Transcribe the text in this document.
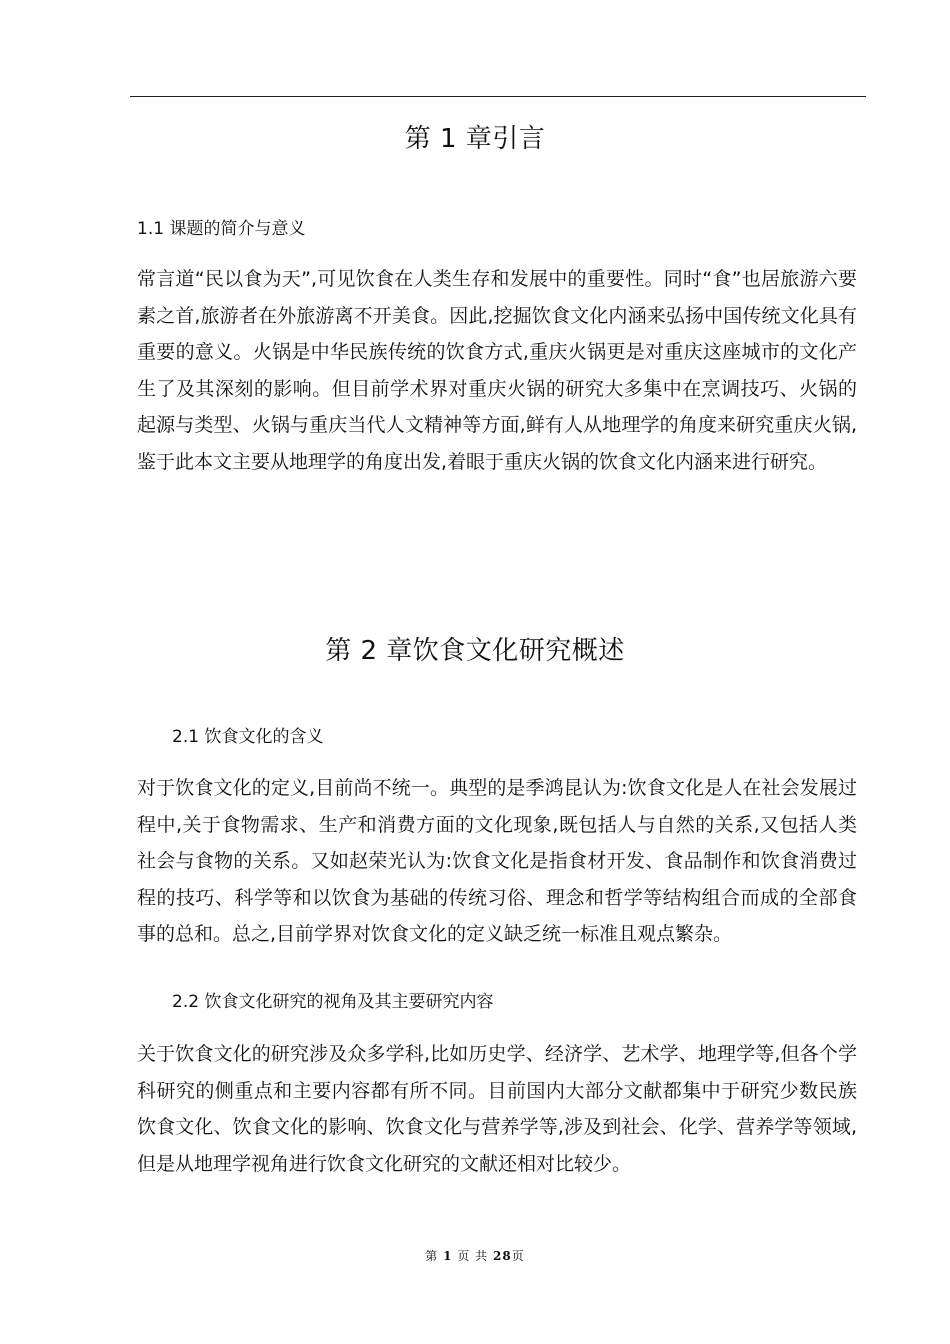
第 1 章引言
1.1 课题的简介与意义

常言道“民以食为天”,可见饮食在人类生存和发展中的重要性。同时“食”也居旅游六要素之首,旅游者在外旅游离不开美食。因此,挖掘饮食文化内涵来弘扬中国传统文化具有重要的意义。火锅是中华民族传统的饮食方式,重庆火锅更是对重庆这座城市的文化产生了及其深刻的影响。但目前学术界对重庆火锅的研究大多集中在烹调技巧、火锅的起源与类型、火锅与重庆当代人文精神等方面,鲜有人从地理学的角度来研究重庆火锅,鉴于此本文主要从地理学的角度出发,着眼于重庆火锅的饮食文化内涵来进行研究。

第 2 章饮食文化研究概述
2.1 饮食文化的含义

对于饮食文化的定义,目前尚不统一。典型的是季鸿昆认为:饮食文化是人在社会发展过程中,关于食物需求、生产和消费方面的文化现象,既包括人与自然的关系,又包括人类社会与食物的关系。又如赵荣光认为:饮食文化是指食材开发、食品制作和饮食消费过程的技巧、科学等和以饮食为基础的传统习俗、理念和哲学等结构组合而成的全部食事的总和。总之,目前学界对饮食文化的定义缺乏统一标准且观点繁杂。

2.2 饮食文化研究的视角及其主要研究内容

关于饮食文化的研究涉及众多学科,比如历史学、经济学、艺术学、地理学等,但各个学科研究的侧重点和主要内容都有所不同。目前国内大部分文献都集中于研究少数民族饮食文化、饮食文化的影响、饮食文化与营养学等,涉及到社会、化学、营养学等领域,但是从地理学视角进行饮食文化研究的文献还相对比较少。

第 1 页 共 28页
